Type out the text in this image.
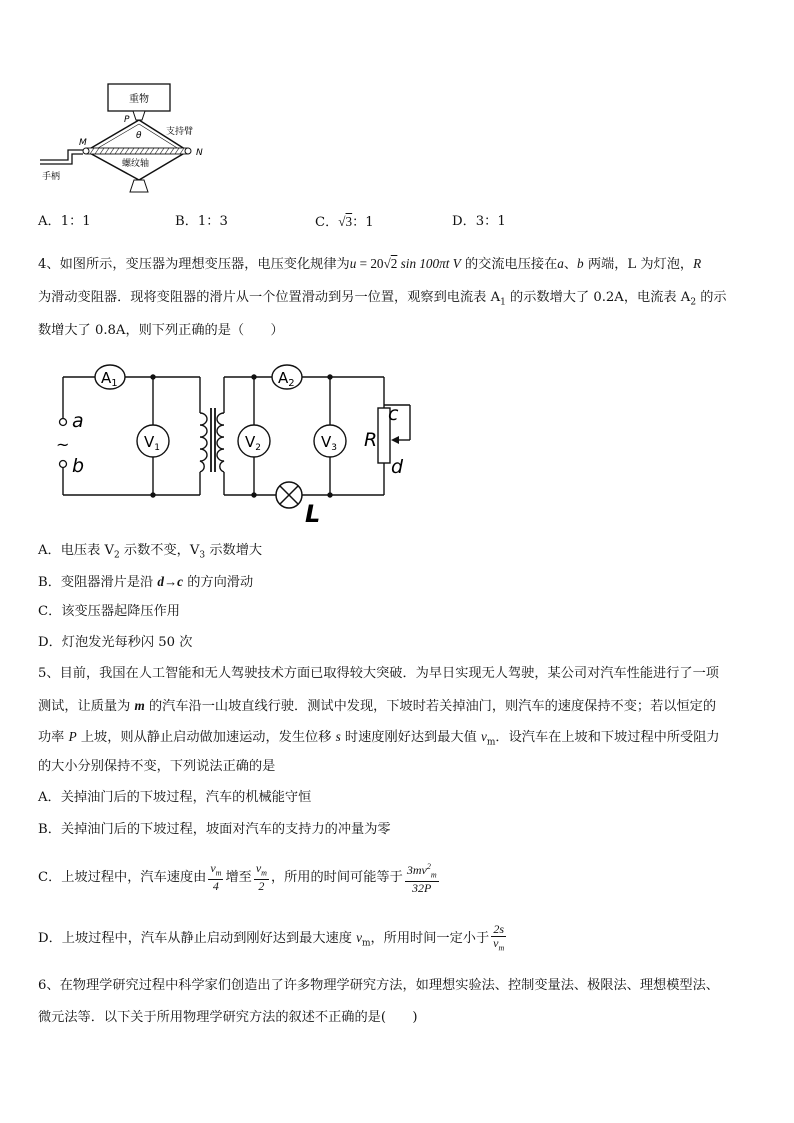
重物
P
θ	支持臂
M
N
螺纹轴
手柄
A．1：1	B．1：3	C．√3：1	D．3：1
4、如图所示，变压器为理想变压器，电压变化规律为u = 20√2 sin 100πt V 的交流电压接在a、b 两端，L 为灯泡，R
为滑动变阻器．现将变阻器的滑片从一个位置滑动到另一位置，观察到电流表 $A_1$ 的示数增大了 0.2A，电流表 $A_2$ 的示
数增大了 0.8A，则下列正确的是（　　）
$A_1$	$A_2$
$V_1$	$V_2$	$V_3$
a
~
b
c
R
d
L
A．电压表 $V_2$ 示数不变，$V_3$ 示数增大
B．变阻器滑片是沿 d→c 的方向滑动
C．该变压器起降压作用
D．灯泡发光每秒闪 50 次
5、目前，我国在人工智能和无人驾驶技术方面已取得较大突破．为早日实现无人驾驶，某公司对汽车性能进行了一项
测试，让质量为 m 的汽车沿一山坡直线行驶．测试中发现，下坡时若关掉油门，则汽车的速度保持不变；若以恒定的
功率 P 上坡，则从静止启动做加速运动，发生位移 s 时速度刚好达到最大值 $v_m$．设汽车在上坡和下坡过程中所受阻力
的大小分别保持不变，下列说法正确的是
A．关掉油门后的下坡过程，汽车的机械能守恒
B．关掉油门后的下坡过程，坡面对汽车的支持力的冲量为零
C．上坡过程中，汽车速度由 $\frac{v_m}{4}$ 增至 $\frac{v_m}{2}$ ，所用的时间可能等于 $\frac{3mv^2_m}{32P}$
D．上坡过程中，汽车从静止启动到刚好达到最大速度 $v_m$，所用时间一定小于 $\frac{2s}{v_m}$
6、在物理学研究过程中科学家们创造出了许多物理学研究方法，如理想实验法、控制变量法、极限法、理想模型法、
微元法等．以下关于所用物理学研究方法的叙述不正确的是(　　)
